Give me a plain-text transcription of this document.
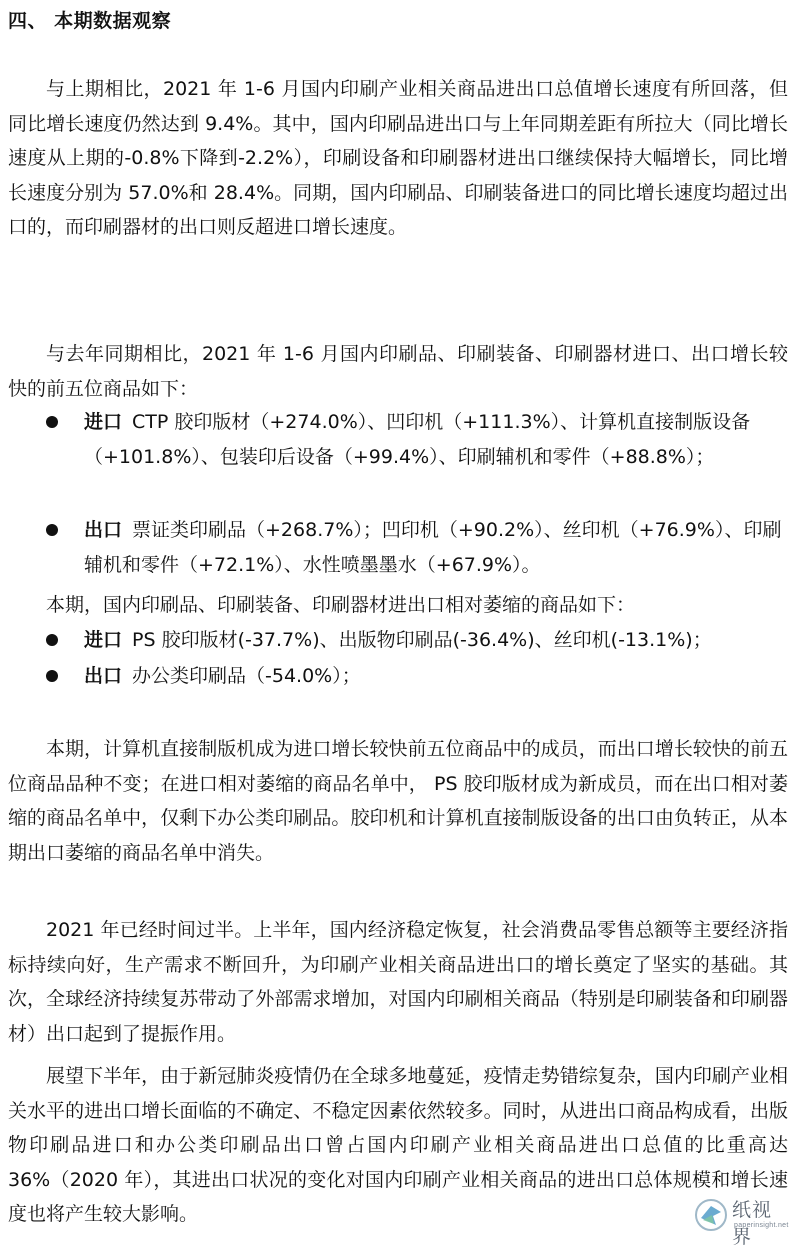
四、 本期数据观察

与上期相比，2021 年 1-6 月国内印刷产业相关商品进出口总值增长速度有所回落，但同比增长速度仍然达到 9.4%。其中，国内印刷品进出口与上年同期差距有所拉大（同比增长速度从上期的-0.8%下降到-2.2%），印刷设备和印刷器材进出口继续保持大幅增长，同比增长速度分别为 57.0%和 28.4%。同期，国内印刷品、印刷装备进口的同比增长速度均超过出口的，而印刷器材的出口则反超进口增长速度。

与去年同期相比，2021 年 1-6 月国内印刷品、印刷装备、印刷器材进口、出口增长较快的前五位商品如下：

进口 CTP 胶印版材（+274.0%）、凹印机（+111.3%）、计算机直接制版设备（+101.8%）、包装印后设备（+99.4%）、印刷辅机和零件（+88.8%）；
出口 票证类印刷品（+268.7%）；凹印机（+90.2%）、丝印机（+76.9%）、印刷辅机和零件（+72.1%）、水性喷墨墨水（+67.9%）。

本期，国内印刷品、印刷装备、印刷器材进出口相对萎缩的商品如下：

进口 PS 胶印版材(-37.7%)、出版物印刷品(-36.4%)、丝印机(-13.1%)；
出口 办公类印刷品（-54.0%）；

本期，计算机直接制版机成为进口增长较快前五位商品中的成员，而出口增长较快的前五位商品品种不变；在进口相对萎缩的商品名单中， PS 胶印版材成为新成员，而在出口相对萎缩的商品名单中，仅剩下办公类印刷品。胶印机和计算机直接制版设备的出口由负转正，从本期出口萎缩的商品名单中消失。

2021 年已经时间过半。上半年，国内经济稳定恢复，社会消费品零售总额等主要经济指标持续向好，生产需求不断回升，为印刷产业相关商品进出口的增长奠定了坚实的基础。其次，全球经济持续复苏带动了外部需求增加，对国内印刷相关商品（特别是印刷装备和印刷器材）出口起到了提振作用。

展望下半年，由于新冠肺炎疫情仍在全球多地蔓延，疫情走势错综复杂，国内印刷产业相关水平的进出口增长面临的不确定、不稳定因素依然较多。同时，从进出口商品构成看，出版物印刷品进口和办公类印刷品出口曾占国内印刷产业相关商品进出口总值的比重高达 36%（2020 年），其进出口状况的变化对国内印刷产业相关商品的进出口总体规模和增长速度也将产生较大影响。	纸视界
paperinsight.net
